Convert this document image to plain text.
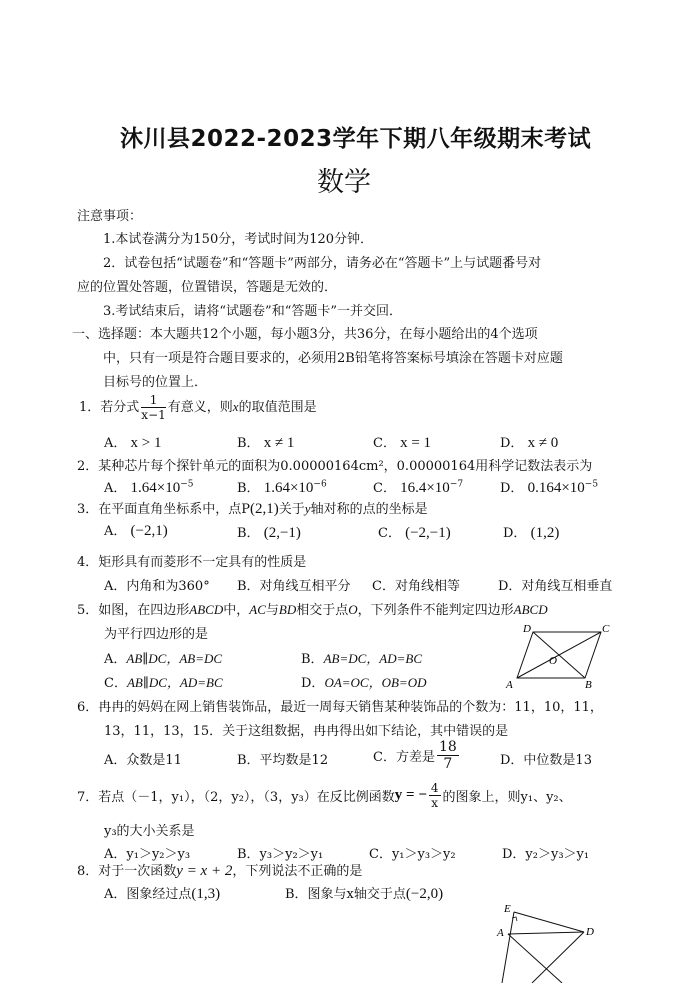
沐川县2022-2023学年下期八年级期末考试
数学
注意事项：
1.本试卷满分为150分，考试时间为120分钟．
2．试卷包括“试题卷”和“答题卡”两部分，请务必在“答题卡”上与试题番号对
应的位置处答题，位置错误，答题是无效的．
3.考试结束后，请将“试题卷”和“答题卡”一并交回．
一、选择题：本大题共12个小题，每小题3分，共36分，在每小题给出的4个选项
中，只有一项是符合题目要求的，必须用2B铅笔将答案标号填涂在答题卡对应题
目标号的位置上．
1．若分式 $\frac{1}{x-1}$ 有意义，则x的取值范围是
A． x > 1	B． x ≠ 1	C． x = 1	D． x ≠ 0
2．某种芯片每个探针单元的面积为0.00000164cm²，0.00000164用科学记数法表示为
A． $1.64\times 10^{-5}$	B． $1.64\times 10^{-6}$	C． $16.4\times 10^{-7}$	D． $0.164\times 10^{-5}$
3．在平面直角坐标系中，点P(2,1)关于y轴对称的点的坐标是
A． (−2,1)	B． (2,−1)	C． (−2,−1)	D． (1,2)
4．矩形具有而菱形不一定具有的性质是
A．内角和为360° B．对角线互相平分 C．对角线相等	D．对角线互相垂直
5．如图，在四边形ABCD中，AC与BD相交于点O，下列条件不能判定四边形ABCD
为平行四边形的是
A．AB∥DC，AB=DC	B．AB=DC，AD=BC
C．AB∥DC，AD=BC	D．OA=OC，OB=OD
D	C
O
A	B
6．冉冉的妈妈在网上销售装饰品，最近一周每天销售某种装饰品的个数为：11，10，11，
13，11，13，15．关于这组数据，冉冉得出如下结论，其中错误的是
A．众数是11	B．平均数是12	C．方差是 $\frac{18}{7}$	D．中位数是13
7．若点（－1，y₁），（2，y₂），（3，y₃）在反比例函数y = − $\frac{4}{x}$ 的图象上，则y₁、y₂、
y₃的大小关系是
A．y₁＞y₂＞y₃	B．y₃＞y₂＞y₁	C．y₁＞y₃＞y₂	D．y₂＞y₃＞y₁
8．对于一次函数y = x + 2，下列说法不正确的是
A．图象经过点(1,3)	B．图象与x轴交于点(−2,0)
E
A	D
